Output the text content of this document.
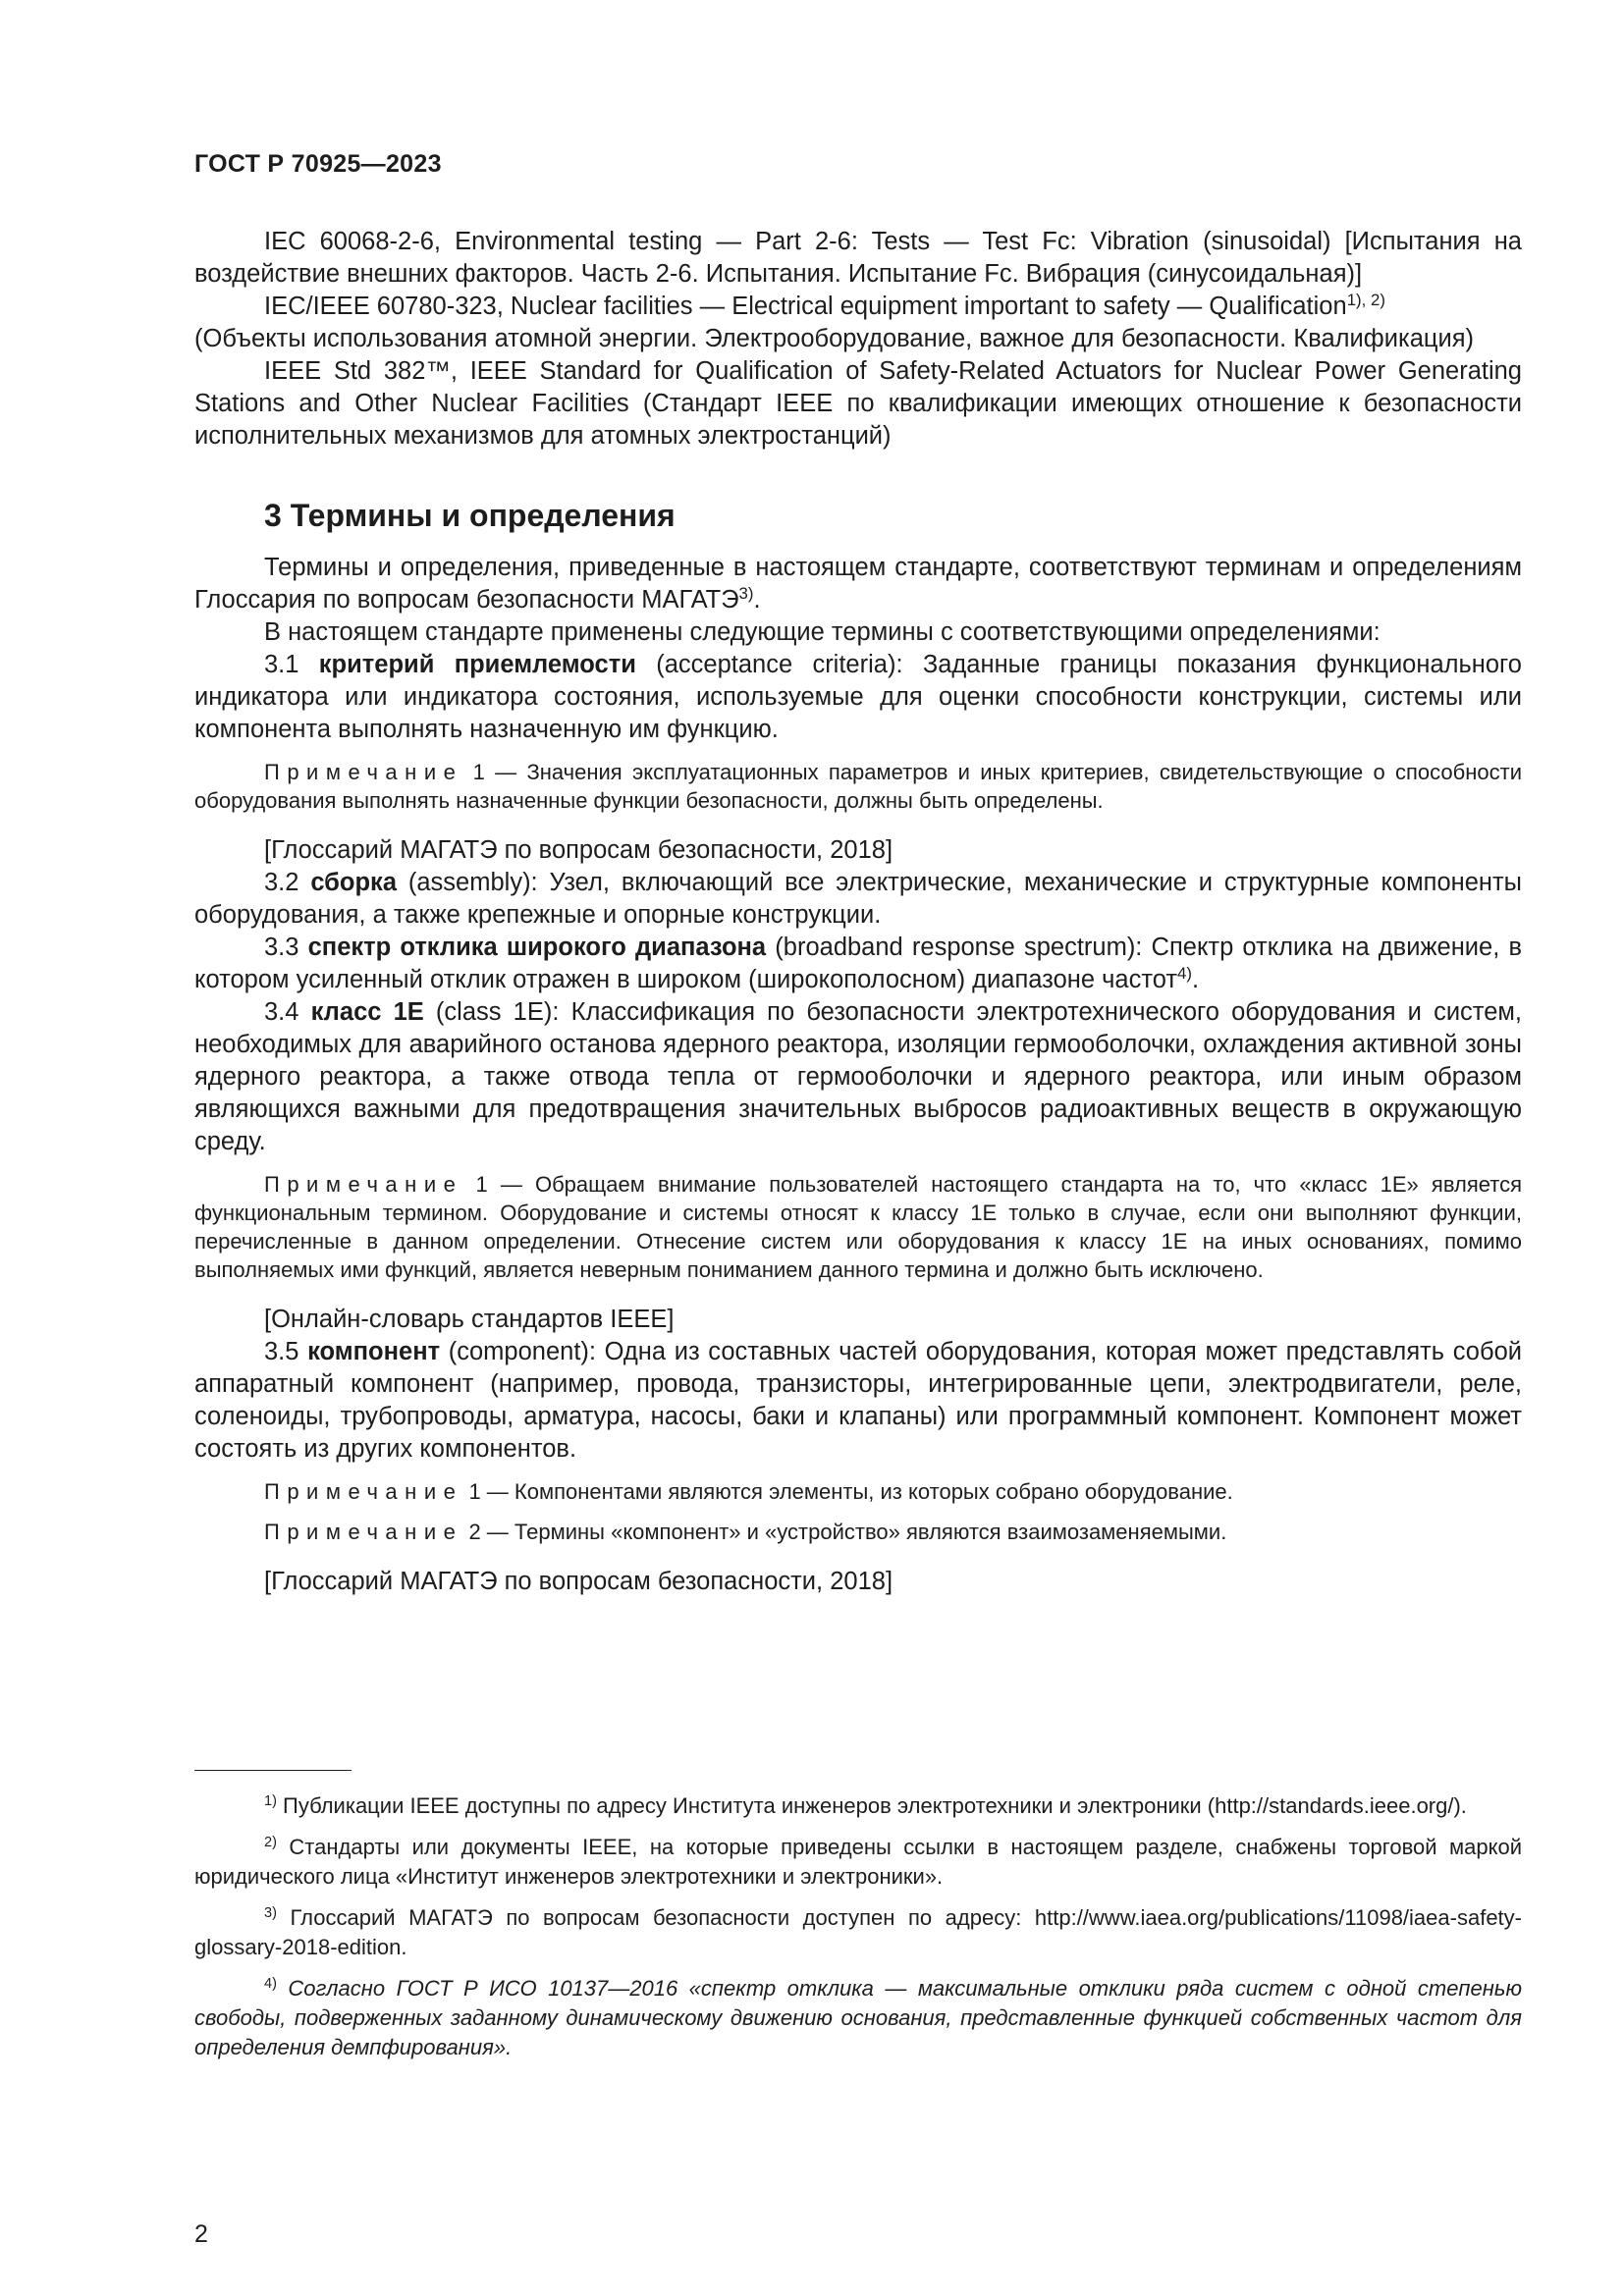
ГОСТ Р 70925—2023

IEC 60068-2-6, Environmental testing — Part 2-6: Tests — Test Fc: Vibration (sinusoidal) [Испытания на воздействие внешних факторов. Часть 2-6. Испытания. Испытание Fc. Вибрация (синусоидальная)]

IEC/IEEE 60780-323, Nuclear facilities — Electrical equipment important to safety — Qualification$^{1), 2)}$

(Объекты использования атомной энергии. Электрооборудование, важное для безопасности. Квалификация)

IEEE Std 382™, IEEE Standard for Qualification of Safety-Related Actuators for Nuclear Power Generating Stations and Other Nuclear Facilities (Стандарт IEEE по квалификации имеющих отношение к безопасности исполнительных механизмов для атомных электростанций)

3 Термины и определения

Термины и определения, приведенные в настоящем стандарте, соответствуют терминам и определениям Глоссария по вопросам безопасности МАГАТЭ$^{3)}$.

В настоящем стандарте применены следующие термины с соответствующими определениями:

3.1 критерий приемлемости (acceptance criteria): Заданные границы показания функционального индикатора или индикатора состояния, используемые для оценки способности конструкции, системы или компонента выполнять назначенную им функцию.

Примечание 1 — Значения эксплуатационных параметров и иных критериев, свидетельствующие о способности оборудования выполнять назначенные функции безопасности, должны быть определены.

[Глоссарий МАГАТЭ по вопросам безопасности, 2018]

3.2 сборка (assembly): Узел, включающий все электрические, механические и структурные компоненты оборудования, а также крепежные и опорные конструкции.

3.3 спектр отклика широкого диапазона (broadband response spectrum): Спектр отклика на движение, в котором усиленный отклик отражен в широком (широкополосном) диапазоне частот$^{4)}$.

3.4 класс 1Е (class 1E): Классификация по безопасности электротехнического оборудования и систем, необходимых для аварийного останова ядерного реактора, изоляции гермооболочки, охлаждения активной зоны ядерного реактора, а также отвода тепла от гермооболочки и ядерного реактора, или иным образом являющихся важными для предотвращения значительных выбросов радиоактивных веществ в окружающую среду.

Примечание 1 — Обращаем внимание пользователей настоящего стандарта на то, что «класс 1Е» является функциональным термином. Оборудование и системы относят к классу 1Е только в случае, если они выполняют функции, перечисленные в данном определении. Отнесение систем или оборудования к классу 1Е на иных основаниях, помимо выполняемых ими функций, является неверным пониманием данного термина и должно быть исключено.

[Онлайн-словарь стандартов IEEE]

3.5 компонент (component): Одна из составных частей оборудования, которая может представлять собой аппаратный компонент (например, провода, транзисторы, интегрированные цепи, электродвигатели, реле, соленоиды, трубопроводы, арматура, насосы, баки и клапаны) или программный компонент. Компонент может состоять из других компонентов.

Примечание 1 — Компонентами являются элементы, из которых собрано оборудование.

Примечание 2 — Термины «компонент» и «устройство» являются взаимозаменяемыми.

[Глоссарий МАГАТЭ по вопросам безопасности, 2018]

$^{1)}$ Публикации IEEE доступны по адресу Института инженеров электротехники и электроники (http://standards.ieee.org/).

$^{2)}$ Стандарты или документы IEEE, на которые приведены ссылки в настоящем разделе, снабжены торговой маркой юридического лица «Институт инженеров электротехники и электроники».

$^{3)}$ Глоссарий МАГАТЭ по вопросам безопасности доступен по адресу: http://www.iaea.org/publications/11098/iaea-safety-glossary-2018-edition.

$^{4)}$ Согласно ГОСТ Р ИСО 10137—2016 «спектр отклика — максимальные отклики ряда систем с одной степенью свободы, подверженных заданному динамическому движению основания, представленные функцией собственных частот для определения демпфирования».

2
